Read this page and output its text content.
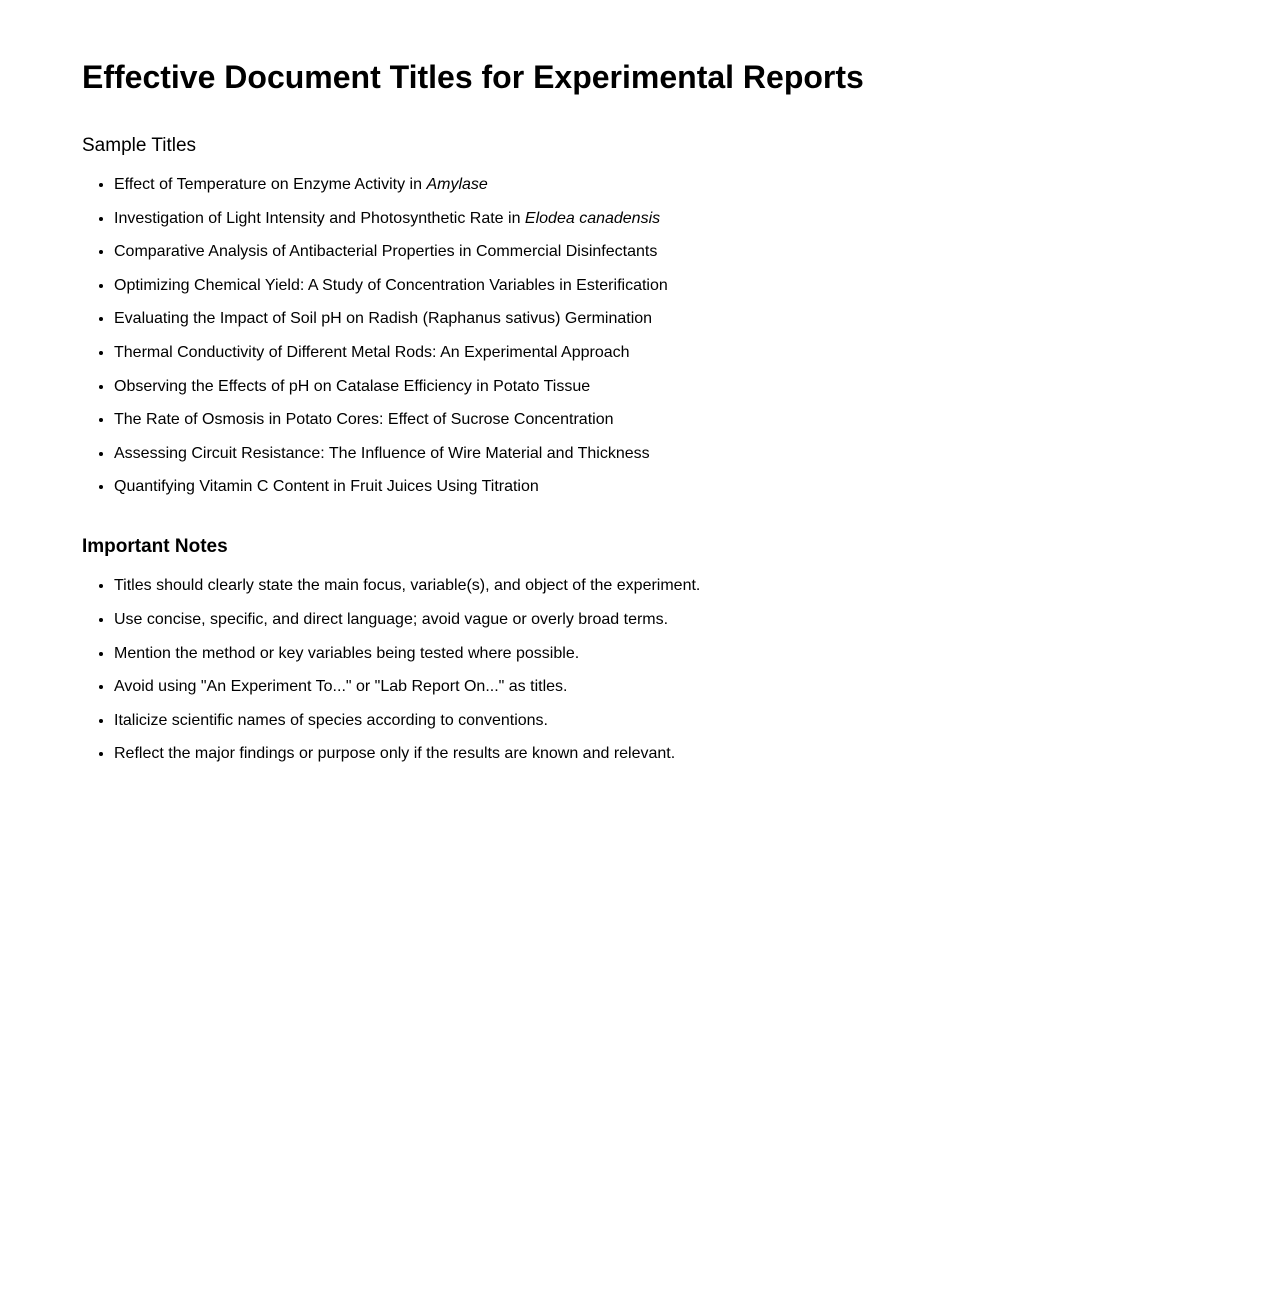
Effective Document Titles for Experimental Reports
Sample Titles
• Effect of Temperature on Enzyme Activity in Amylase
• Investigation of Light Intensity and Photosynthetic Rate in Elodea canadensis
• Comparative Analysis of Antibacterial Properties in Commercial Disinfectants
• Optimizing Chemical Yield: A Study of Concentration Variables in Esterification
• Evaluating the Impact of Soil pH on Radish (Raphanus sativus) Germination
• Thermal Conductivity of Different Metal Rods: An Experimental Approach
• Observing the Effects of pH on Catalase Efficiency in Potato Tissue
• The Rate of Osmosis in Potato Cores: Effect of Sucrose Concentration
• Assessing Circuit Resistance: The Influence of Wire Material and Thickness
• Quantifying Vitamin C Content in Fruit Juices Using Titration
Important Notes
• Titles should clearly state the main focus, variable(s), and object of the experiment.
• Use concise, specific, and direct language; avoid vague or overly broad terms.
• Mention the method or key variables being tested where possible.
• Avoid using "An Experiment To..." or "Lab Report On..." as titles.
• Italicize scientific names of species according to conventions.
• Reflect the major findings or purpose only if the results are known and relevant.
